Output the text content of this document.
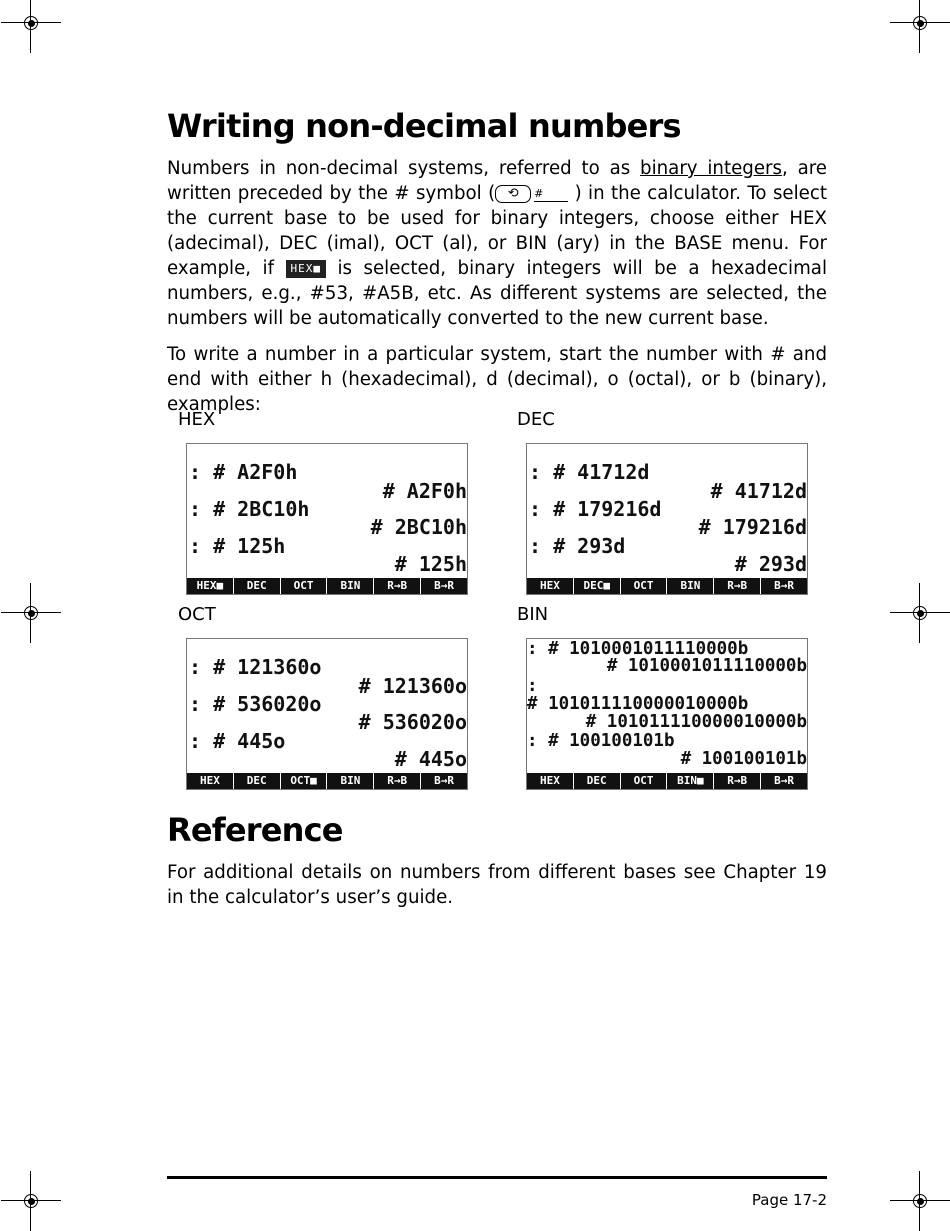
Writing non-decimal numbers

Numbers in non-decimal systems, referred to as binary integers, are written preceded by the # symbol ( ⟲ # ) in the calculator. To select the current base to be used for binary integers, choose either HEX (adecimal), DEC (imal), OCT (al), or BIN (ary) in the BASE menu. For example, if HEX■ is selected, binary integers will be a hexadecimal numbers, e.g., #53, #A5B, etc. As different systems are selected, the numbers will be automatically converted to the new current base.

To write a number in a particular system, start the number with # and end with either h (hexadecimal), d (decimal), o (octal), or b (binary), examples:

HEX	DEC
OCT	BIN
: # A2F0h
# A2F0h
: # 2BC10h
# 2BC10h
: # 125h
# 125h
HEX■	DEC	OCT	BIN	R→B	B→R
: # 41712d
# 41712d
: # 179216d
# 179216d
: # 293d
# 293d
HEX	DEC■	OCT	BIN	R→B	B→R
: # 121360o
# 121360o
: # 536020o
# 536020o
: # 445o
# 445o
HEX	DEC	OCT■	BIN	R→B	B→R
: # 1010001011110000b
# 1010001011110000b
:
# 101011110000010000b
# 101011110000010000b
: # 100100101b
# 100100101b
HEX	DEC	OCT	BIN■	R→B	B→R
Reference

For additional details on numbers from different bases see Chapter 19 in the calculator’s user’s guide.

Page 17-2
